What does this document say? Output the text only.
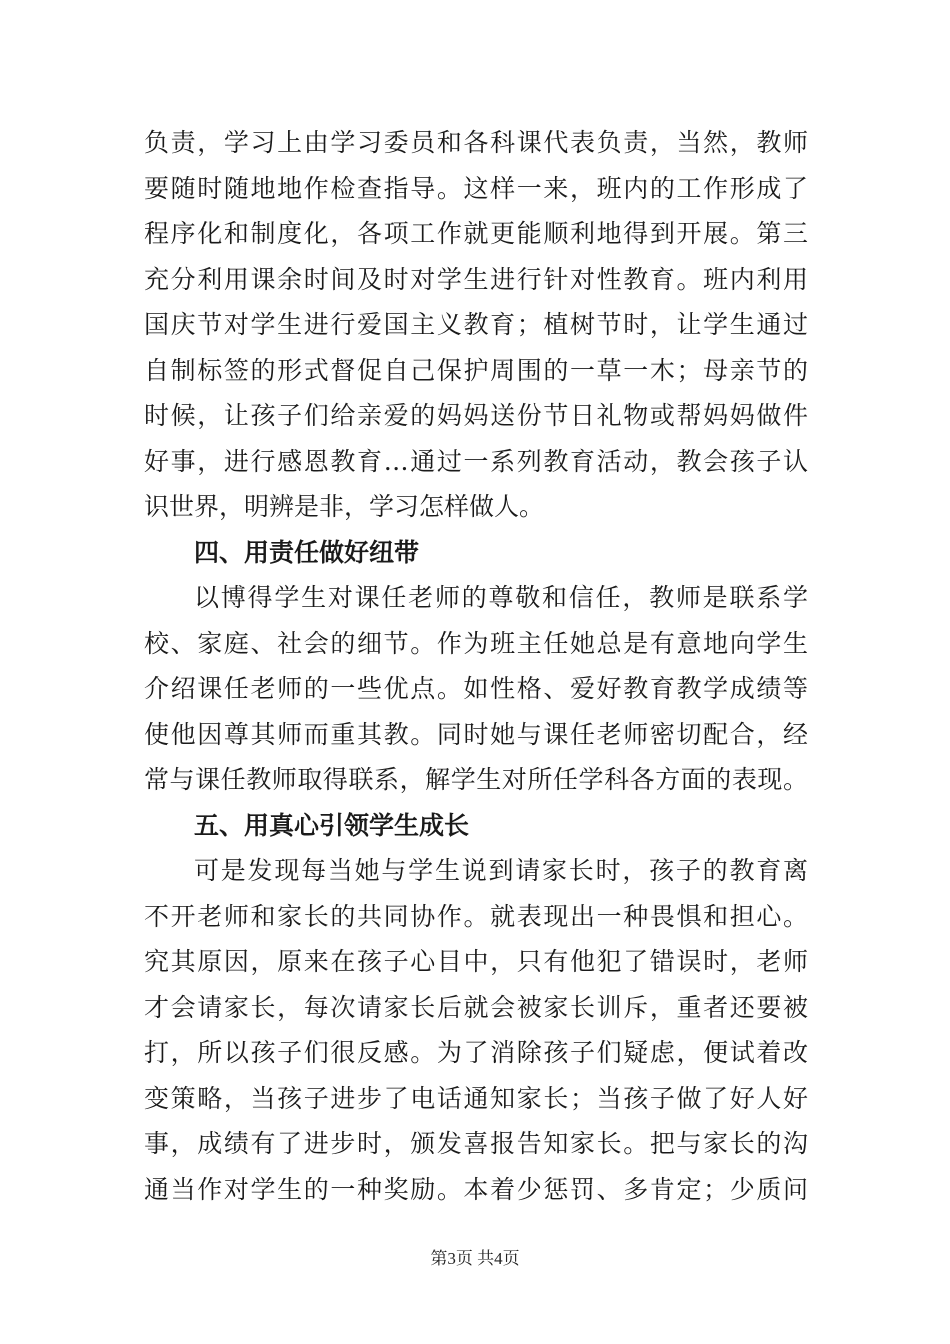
负责，学习上由学习委员和各科课代表负责，当然，教师
要随时随地地作检查指导。这样一来，班内的工作形成了
程序化和制度化，各项工作就更能顺利地得到开展。第三
充分利用课余时间及时对学生进行针对性教育。班内利用
国庆节对学生进行爱国主义教育；植树节时，让学生通过
自制标签的形式督促自己保护周围的一草一木；母亲节的
时候，让孩子们给亲爱的妈妈送份节日礼物或帮妈妈做件
好事，进行感恩教育…通过一系列教育活动，教会孩子认
识世界，明辨是非，学习怎样做人。
四、用责任做好纽带
以博得学生对课任老师的尊敬和信任，教师是联系学
校、家庭、社会的细节。作为班主任她总是有意地向学生
介绍课任老师的一些优点。如性格、爱好教育教学成绩等
使他因尊其师而重其教。同时她与课任老师密切配合，经
常与课任教师取得联系，解学生对所任学科各方面的表现。
五、用真心引领学生成长
可是发现每当她与学生说到请家长时，孩子的教育离
不开老师和家长的共同协作。就表现出一种畏惧和担心。
究其原因，原来在孩子心目中，只有他犯了错误时，老师
才会请家长，每次请家长后就会被家长训斥，重者还要被
打，所以孩子们很反感。为了消除孩子们疑虑，便试着改
变策略，当孩子进步了电话通知家长；当孩子做了好人好
事，成绩有了进步时，颁发喜报告知家长。把与家长的沟
通当作对学生的一种奖励。本着少惩罚、多肯定；少质问
第3页 共4页
